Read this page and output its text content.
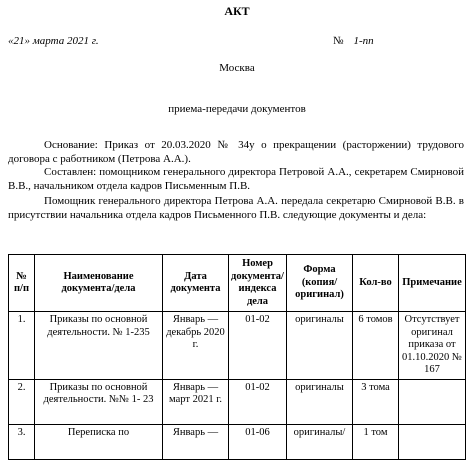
АКТ
«21» марта 2021 г.	№ 1-пп
Москва
приема-передачи документов
Основание: Приказ от 20.03.2020 № 34у о прекращении (расторжении) трудового договора с работником (Петрова А.А.).
Составлен: помощником генерального директора Петровой А.А., секретарем Смирновой В.В., начальником отдела кадров Письменным П.В.
Помощник генерального директора Петрова А.А. передала секретарю Смирновой В.В. в присутствии начальника отдела кадров Письменного П.В. следующие документы и дела:
№ п/п	Наименование документа/дела	Дата документа	Номер документа/индекса дела	Форма (копия/оригинал)	Кол-во	Примечание
1.	Приказы по основной деятельности. № 1-235	Январь — декабрь 2020 г.	01-02	оригиналы	6 томов	Отсутствует оригинал приказа от 01.10.2020 № 167
2.	Приказы по основной деятельности. №№ 1- 23	Январь — март 2021 г.	01-02	оригиналы	3 тома	
3.	Переписка по	Январь —	01-06	оригиналы/	1 том	
